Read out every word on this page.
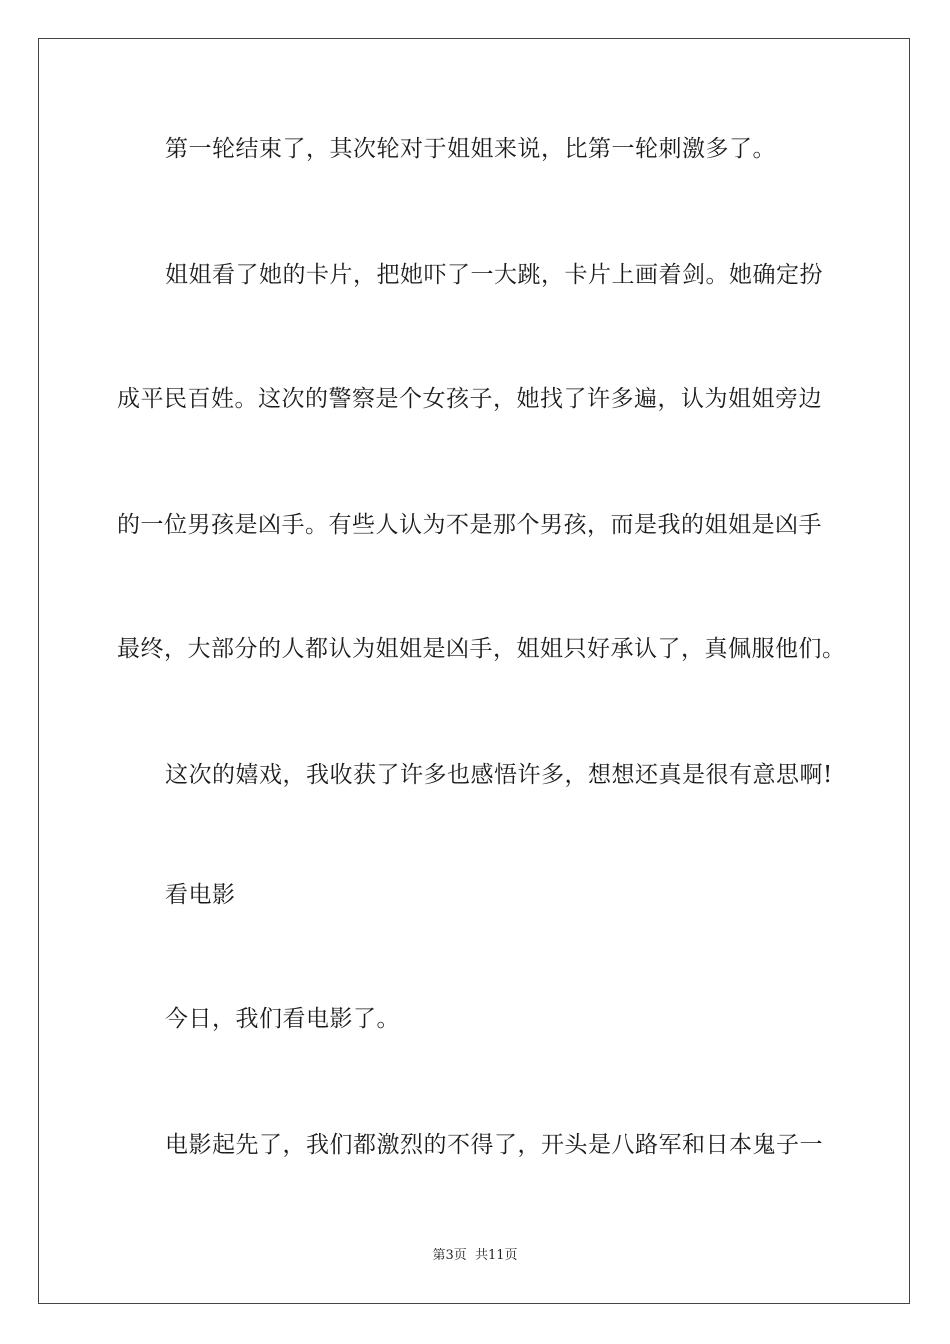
第一轮结束了，其次轮对于姐姐来说，比第一轮刺激多了。
姐姐看了她的卡片，把她吓了一大跳，卡片上画着剑。她确定扮
成平民百姓。这次的警察是个女孩子，她找了许多遍，认为姐姐旁边
的一位男孩是凶手。有些人认为不是那个男孩，而是我的姐姐是凶手
最终，大部分的人都认为姐姐是凶手，姐姐只好承认了，真佩服他们。
这次的嬉戏，我收获了许多也感悟许多，想想还真是很有意思啊!
看电影
今日，我们看电影了。
电影起先了，我们都激烈的不得了，开头是八路军和日本鬼子一
第3页  共11页
